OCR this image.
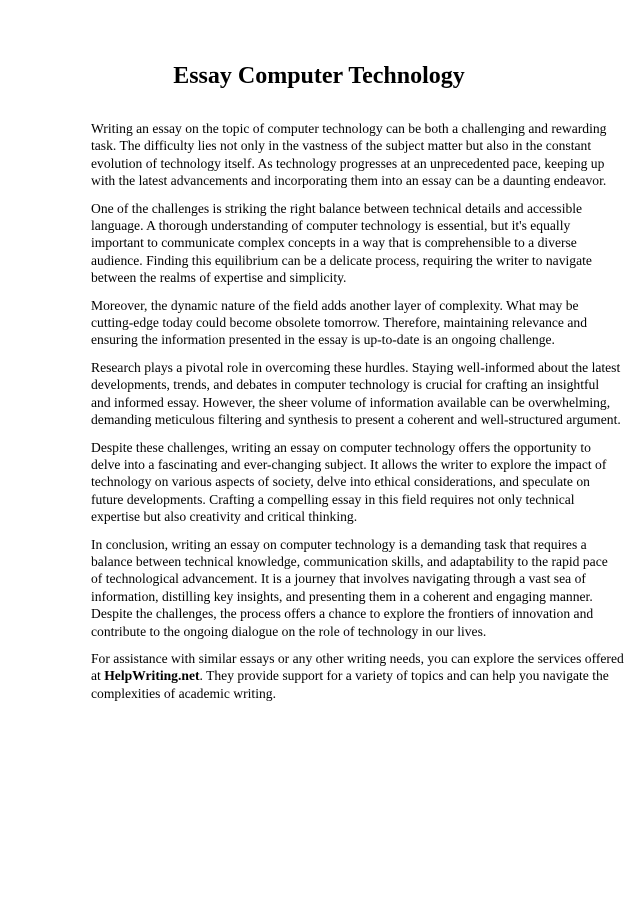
Essay Computer Technology

Writing an essay on the topic of computer technology can be both a challenging and rewarding
task. The difficulty lies not only in the vastness of the subject matter but also in the constant
evolution of technology itself. As technology progresses at an unprecedented pace, keeping up
with the latest advancements and incorporating them into an essay can be a daunting endeavor.

One of the challenges is striking the right balance between technical details and accessible
language. A thorough understanding of computer technology is essential, but it's equally
important to communicate complex concepts in a way that is comprehensible to a diverse
audience. Finding this equilibrium can be a delicate process, requiring the writer to navigate
between the realms of expertise and simplicity.

Moreover, the dynamic nature of the field adds another layer of complexity. What may be
cutting-edge today could become obsolete tomorrow. Therefore, maintaining relevance and
ensuring the information presented in the essay is up-to-date is an ongoing challenge.

Research plays a pivotal role in overcoming these hurdles. Staying well-informed about the latest
developments, trends, and debates in computer technology is crucial for crafting an insightful
and informed essay. However, the sheer volume of information available can be overwhelming,
demanding meticulous filtering and synthesis to present a coherent and well-structured argument.

Despite these challenges, writing an essay on computer technology offers the opportunity to
delve into a fascinating and ever-changing subject. It allows the writer to explore the impact of
technology on various aspects of society, delve into ethical considerations, and speculate on
future developments. Crafting a compelling essay in this field requires not only technical
expertise but also creativity and critical thinking.

In conclusion, writing an essay on computer technology is a demanding task that requires a
balance between technical knowledge, communication skills, and adaptability to the rapid pace
of technological advancement. It is a journey that involves navigating through a vast sea of
information, distilling key insights, and presenting them in a coherent and engaging manner.
Despite the challenges, the process offers a chance to explore the frontiers of innovation and
contribute to the ongoing dialogue on the role of technology in our lives.

For assistance with similar essays or any other writing needs, you can explore the services offered
at HelpWriting.net. They provide support for a variety of topics and can help you navigate the
complexities of academic writing.
